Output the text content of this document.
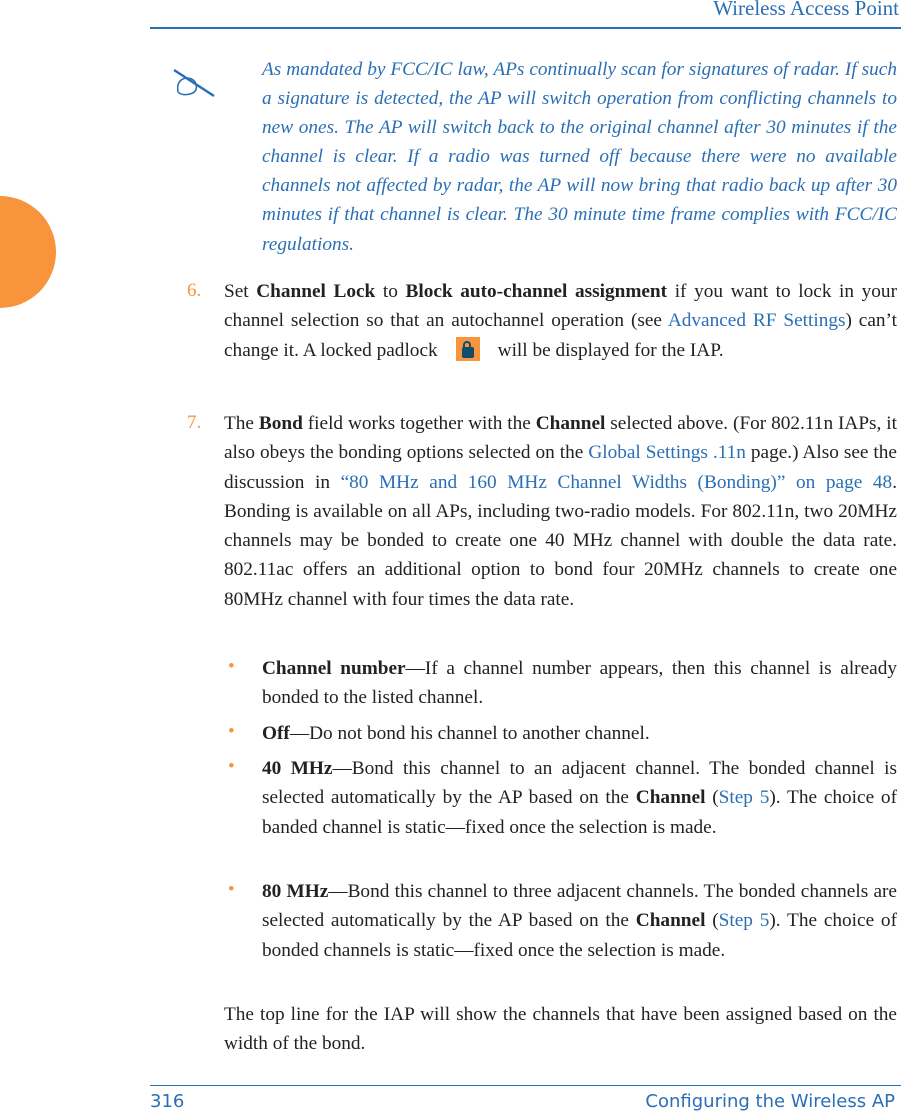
Wireless Access Point
As mandated by FCC/IC law, APs continually scan for signatures of radar. If such a signature is detected, the AP will switch operation from conflicting channels to new ones. The AP will switch back to the original channel after 30 minutes if the channel is clear. If a radio was turned off because there were no available channels not affected by radar, the AP will now bring that radio back up after 30 minutes if that channel is clear. The 30 minute time frame complies with FCC/IC regulations.
6. Set Channel Lock to Block auto-channel assignment if you want to lock in your channel selection so that an autochannel operation (see Advanced RF Settings) can’t change it. A locked padlock	will be displayed for the IAP.
7. The Bond field works together with the Channel selected above. (For 802.11n IAPs, it also obeys the bonding options selected on the Global Settings .11n page.) Also see the discussion in “80 MHz and 160 MHz Channel Widths (Bonding)” on page 48. Bonding is available on all APs, including two-radio models. For 802.11n, two 20MHz channels may be bonded to create one 40 MHz channel with double the data rate. 802.11ac offers an additional option to bond four 20MHz channels to create one 80MHz channel with four times the data rate.
• Channel number—If a channel number appears, then this channel is already bonded to the listed channel.
• Off—Do not bond his channel to another channel.
• 40 MHz—Bond this channel to an adjacent channel. The bonded channel is selected automatically by the AP based on the Channel (Step 5). The choice of banded channel is static—fixed once the selection is made.
• 80 MHz—Bond this channel to three adjacent channels. The bonded channels are selected automatically by the AP based on the Channel (Step 5). The choice of bonded channels is static—fixed once the selection is made.
The top line for the IAP will show the channels that have been assigned based on the width of the bond.
316	Configuring the Wireless AP
